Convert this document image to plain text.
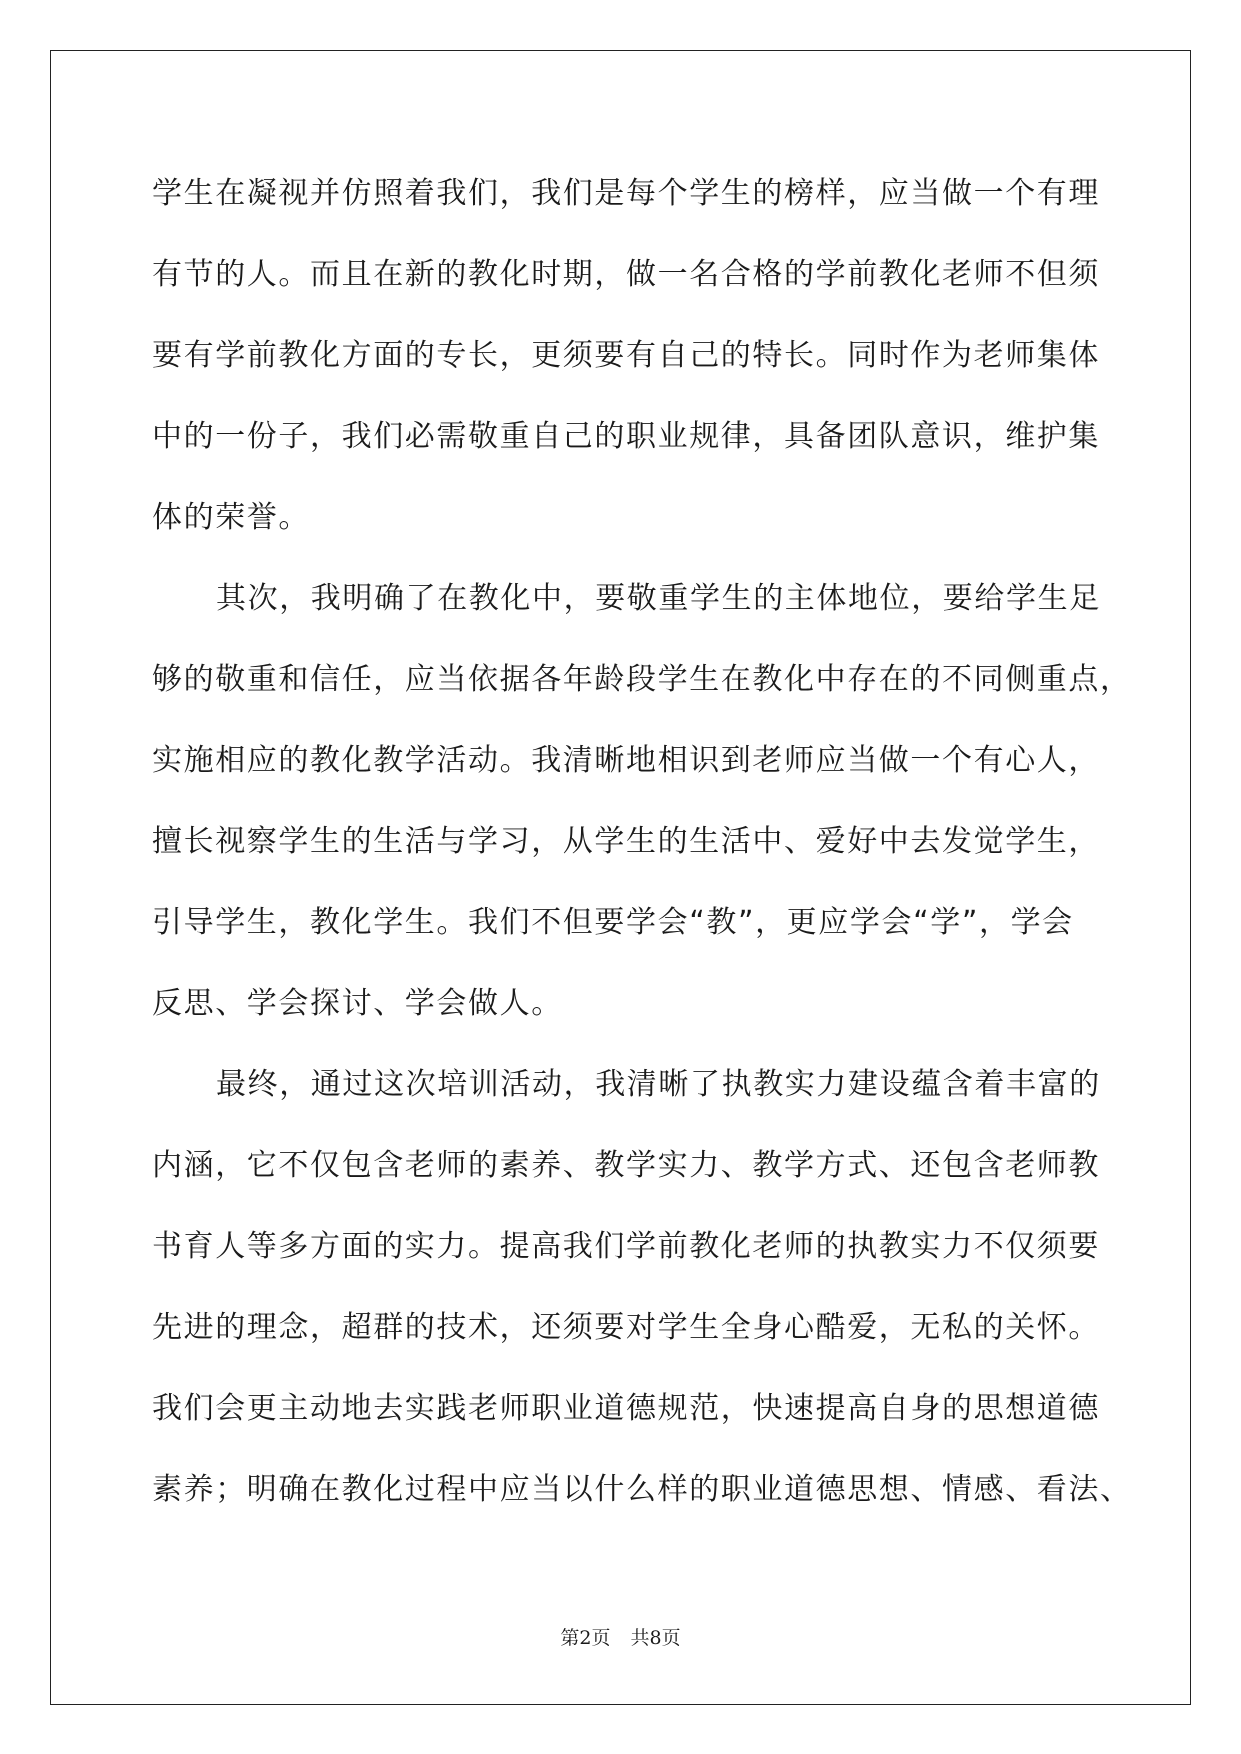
学生在凝视并仿照着我们，我们是每个学生的榜样，应当做一个有理
有节的人。而且在新的教化时期，做一名合格的学前教化老师不但须
要有学前教化方面的专长，更须要有自己的特长。同时作为老师集体
中的一份子，我们必需敬重自己的职业规律，具备团队意识，维护集
体的荣誉。
其次，我明确了在教化中，要敬重学生的主体地位，要给学生足
够的敬重和信任，应当依据各年龄段学生在教化中存在的不同侧重点，
实施相应的教化教学活动。我清晰地相识到老师应当做一个有心人，
擅长视察学生的生活与学习，从学生的生活中、爱好中去发觉学生，
引导学生，教化学生。我们不但要学会“教”，更应学会“学”，学会
反思、学会探讨、学会做人。
最终，通过这次培训活动，我清晰了执教实力建设蕴含着丰富的
内涵，它不仅包含老师的素养、教学实力、教学方式、还包含老师教
书育人等多方面的实力。提高我们学前教化老师的执教实力不仅须要
先进的理念，超群的技术，还须要对学生全身心酷爱，无私的关怀。
我们会更主动地去实践老师职业道德规范，快速提高自身的思想道德
素养；明确在教化过程中应当以什么样的职业道德思想、情感、看法、
第2页 共8页
